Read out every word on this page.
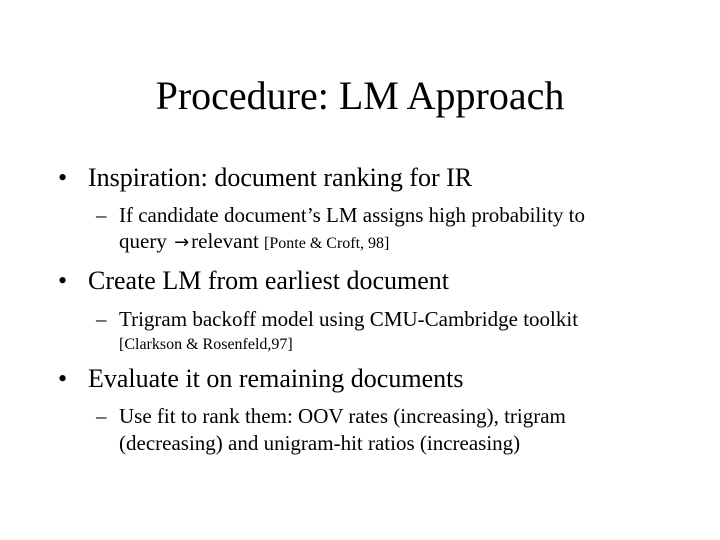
Procedure: LM Approach
• Inspiration: document ranking for IR
– If candidate document’s LM assigns high probability to
query →relevant [Ponte & Croft, 98]
• Create LM from earliest document
– Trigram backoff model using CMU-Cambridge toolkit
[Clarkson & Rosenfeld,97]
• Evaluate it on remaining documents
– Use fit to rank them: OOV rates (increasing), trigram
(decreasing) and unigram-hit ratios (increasing)
